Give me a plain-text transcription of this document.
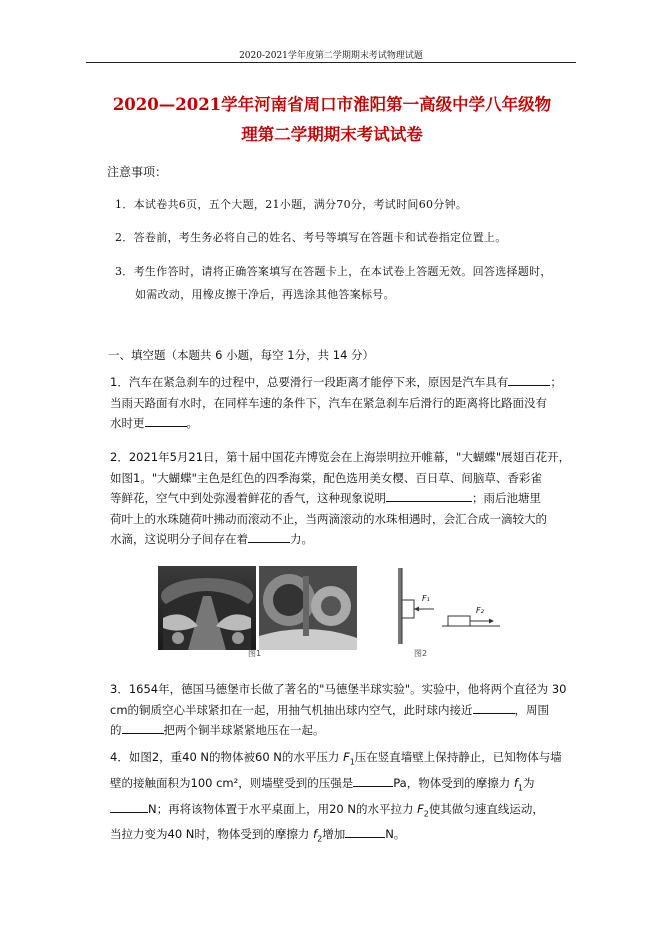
2020-2021学年度第二学期期末考试物理试题
2020—2021学年河南省周口市淮阳第一高级中学八年级物
理第二学期期末考试试卷
注意事项：
1．本试卷共6页，五个大题，21小题，满分70分，考试时间60分钟。
2．答卷前，考生务必将自己的姓名、考号等填写在答题卡和试卷指定位置上。
3．考生作答时，请将正确答案填写在答题卡上，在本试卷上答题无效。回答选择题时，
如需改动，用橡皮擦干净后，再选涂其他答案标号。
一、填空题（本题共 6 小题，每空 1分，共 14 分）
1．汽车在紧急刹车的过程中，总要滑行一段距离才能停下来，原因是汽车具有	；
当雨天路面有水时，在同样车速的条件下，汽车在紧急刹车后滑行的距离将比路面没有
水时更	。
2．2021年5月21日，第十届中国花卉博览会在上海崇明拉开帷幕，"大蝴蝶"展翅百花开，
如图1。"大蝴蝶"主色是红色的四季海棠，配色选用美女樱、百日草、间脑草、香彩雀
等鲜花，空气中到处弥漫着鲜花的香气，这种现象说明	；雨后池塘里
荷叶上的水珠随荷叶拂动而滚动不止，当两滴滚动的水珠相遇时，会汇合成一滴较大的
水滴，这说明分子间存在着	力。
图1
F₁
F₂
图2
3．1654年，德国马德堡市长做了著名的"马德堡半球实验"。实验中，他将两个直径为 30
cm的铜质空心半球紧扣在一起，用抽气机抽出球内空气，此时球内接近	，周围
的	把两个铜半球紧紧地压在一起。
4．如图2，重40 N的物体被60 N的水平压力 $F_1$压在竖直墙壁上保持静止，已知物体与墙
壁的接触面积为100 cm²，则墙壁受到的压强是	Pa，物体受到的摩擦力 $f_1$为
N；再将该物体置于水平桌面上，用20 N的水平拉力 $F_2$使其做匀速直线运动，
当拉力变为40 N时，物体受到的摩擦力 $f_2$增加	N。
